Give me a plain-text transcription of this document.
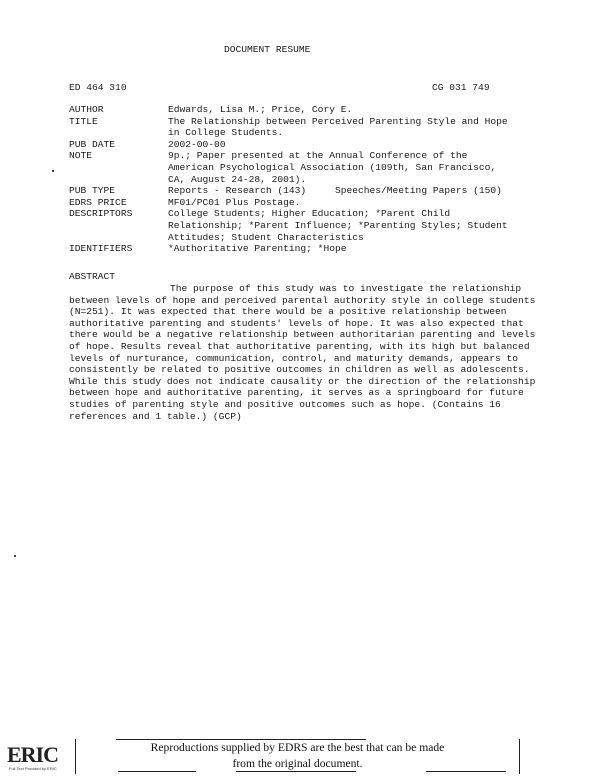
DOCUMENT RESUME
ED 464 310	CG 031 749
AUTHOR	Edwards, Lisa M.; Price, Cory E.
TITLE	The Relationship between Perceived Parenting Style and Hope
in College Students.
PUB DATE	2002-00-00
NOTE	9p.; Paper presented at the Annual Conference of the
American Psychological Association (109th, San Francisco,
CA, August 24-28, 2001).
PUB TYPE	Reports - Research (143)     Speeches/Meeting Papers (150)
EDRS PRICE	MF01/PC01 Plus Postage.
DESCRIPTORS	College Students; Higher Education; *Parent Child
Relationship; *Parent Influence; *Parenting Styles; Student
Attitudes; Student Characteristics
IDENTIFIERS	*Authoritative Parenting; *Hope
ABSTRACT
The purpose of this study was to investigate the relationship between levels of hope and perceived parental authority style in college students (N=251). It was expected that there would be a positive relationship between authoritative parenting and students' levels of hope. It was also expected that there would be a negative relationship between authoritarian parenting and levels of hope. Results reveal that authoritative parenting, with its high but balanced levels of nurturance, communication, control, and maturity demands, appears to consistently be related to positive outcomes in children as well as adolescents. While this study does not indicate causality or the direction of the relationship between hope and authoritative parenting, it serves as a springboard for future studies of parenting style and positive outcomes such as hope. (Contains 16 references and 1 table.) (GCP)
ERIC
Full Text Provided by ERIC
Reproductions supplied by EDRS are the best that can be made
from the original document.
